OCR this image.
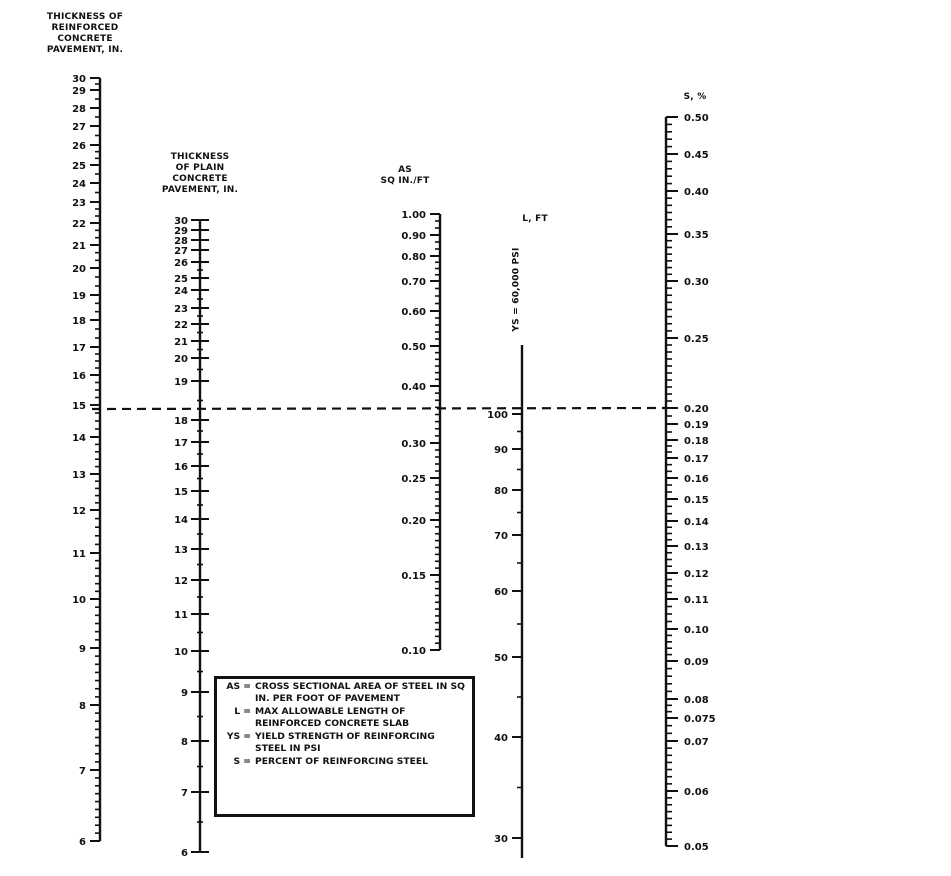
THICKNESS OF
REINFORCED
CONCRETE
PAVEMENT, IN.
THICKNESS
OF PLAIN
CONCRETE
PAVEMENT, IN.
AS
SQ IN./FT
L, FT
YS = 60,000 PSI
S, %
30
29
28
27
26
25
24
23
22
21
20
19
18
17
16
15
14
13
12
11
10
9
8
7
6
30
29
28
27
26
25
24
23
22
21
20
19
18
17
16
15
14
13
12
11
10
9
8
7
6
1.00
0.90
0.80
0.70
0.60
0.50
0.40
0.30
0.25
0.20
0.15
0.10
100
90
80
70
60
50
40
30
0.50
0.45
0.40
0.35
0.30
0.25
0.20
0.19
0.18
0.17
0.16
0.15
0.14
0.13
0.12
0.11
0.10
0.09
0.08
0.075
0.07
0.06
0.05
AS = CROSS SECTIONAL AREA OF STEEL IN SQ IN. PER FOOT OF PAVEMENT
L = MAX ALLOWABLE LENGTH OF REINFORCED CONCRETE SLAB
YS = YIELD STRENGTH OF REINFORCING STEEL IN PSI
S = PERCENT OF REINFORCING STEEL
